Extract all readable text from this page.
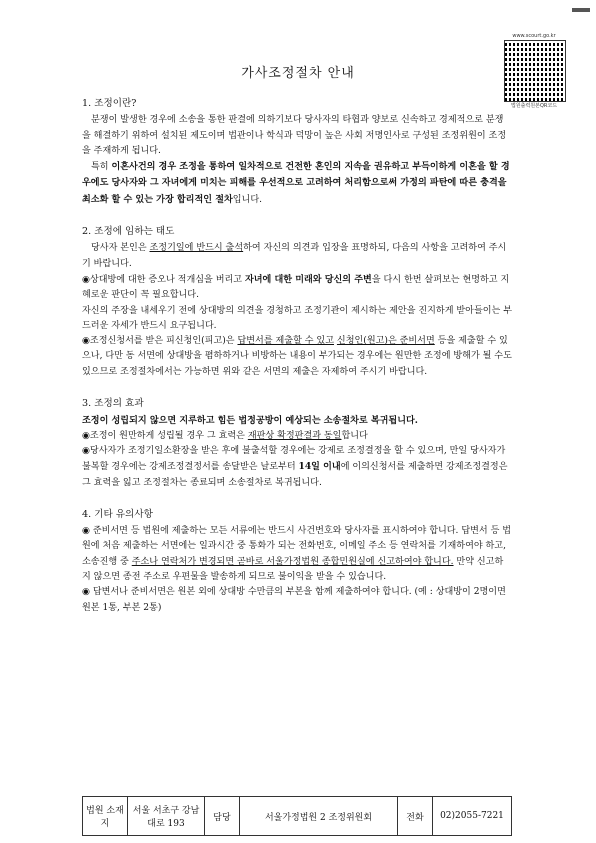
www.scourt.go.kr
법원출력원본QR코드
가사조정절차 안내

1. 조정이란?

분쟁이 발생한 경우에 소송을 통한 판결에 의하기보다 당사자의 타협과 양보로 신속하고 경제적으로 분쟁을 해결하기 위하여 설치된 제도이며 법관이나 학식과 덕망이 높은 사회 저명인사로 구성된 조정위원이 조정을 주재하게 됩니다.

특히 이혼사건의 경우 조정을 통하여 일차적으로 건전한 혼인의 지속을 권유하고 부득이하게 이혼을 할 경우에도 당사자와 그 자녀에게 미치는 피해를 우선적으로 고려하여 처리함으로써 가정의 파탄에 따른 충격을 최소화 할 수 있는 가장 합리적인 절차입니다.

2. 조정에 임하는 태도

당사자 본인은 조정기일에 반드시 출석하여 자신의 의견과 입장을 표명하되, 다음의 사항을 고려하여 주시기 바랍니다.

◉상대방에 대한 증오나 적개심을 버리고 자녀에 대한 미래와 당신의 주변을 다시 한번 살펴보는 현명하고 지혜로운 판단이 꼭 필요합니다.

자신의 주장을 내세우기 전에 상대방의 의견을 경청하고 조정기관이 제시하는 제안을 진지하게 받아들이는 부드러운 자세가 반드시 요구됩니다.

◉조정신청서를 받은 피신청인(피고)은 답변서를 제출할 수 있고 신청인(원고)은 준비서면 등을 제출할 수 있으나, 다만 동 서면에 상대방을 폄하하거나 비방하는 내용이 부가되는 경우에는 원만한 조정에 방해가 될 수도 있으므로 조정절차에서는 가능하면 위와 같은 서면의 제출은 자제하여 주시기 바랍니다.

3. 조정의 효과

조정이 성립되지 않으면 지루하고 힘든 법정공방이 예상되는 소송절차로 복귀됩니다.

◉조정이 원만하게 성립될 경우 그 효력은 재판상 확정판결과 동일합니다

◉당사자가 조정기일소환장을 받은 후에 불출석할 경우에는 강제로 조정결정을 할 수 있으며, 만일 당사자가 불복할 경우에는 강제조정결정서를 송달받은 날로부터 14일 이내에 이의신청서를 제출하면 강제조정결정은 그 효력을 잃고 조정절차는 종료되며 소송절차로 복귀됩니다.

4. 기타 유의사항

◉ 준비서면 등 법원에 제출하는 모든 서류에는 반드시 사건번호와 당사자를 표시하여야 합니다. 답변서 등 법원에 처음 제출하는 서면에는 일과시간 중 통화가 되는 전화번호, 이메일 주소 등 연락처를 기재하여야 하고, 소송진행 중 주소나 연락처가 변경되면 곧바로 서울가정법원 종합민원실에 신고하여야 합니다. 만약 신고하지 않으면 종전 주소로 우편물을 발송하게 되므로 불이익을 받을 수 있습니다.

◉ 답변서나 준비서면은 원본 외에 상대방 수만큼의 부본을 함께 제출하여야 합니다. (예 : 상대방이 2명이면 원본 1통, 부본 2통)

법원 소재지	서울 서초구 강남대로 193	담당	서울가정법원 2 조정위원회	전화	02)2055-7221
